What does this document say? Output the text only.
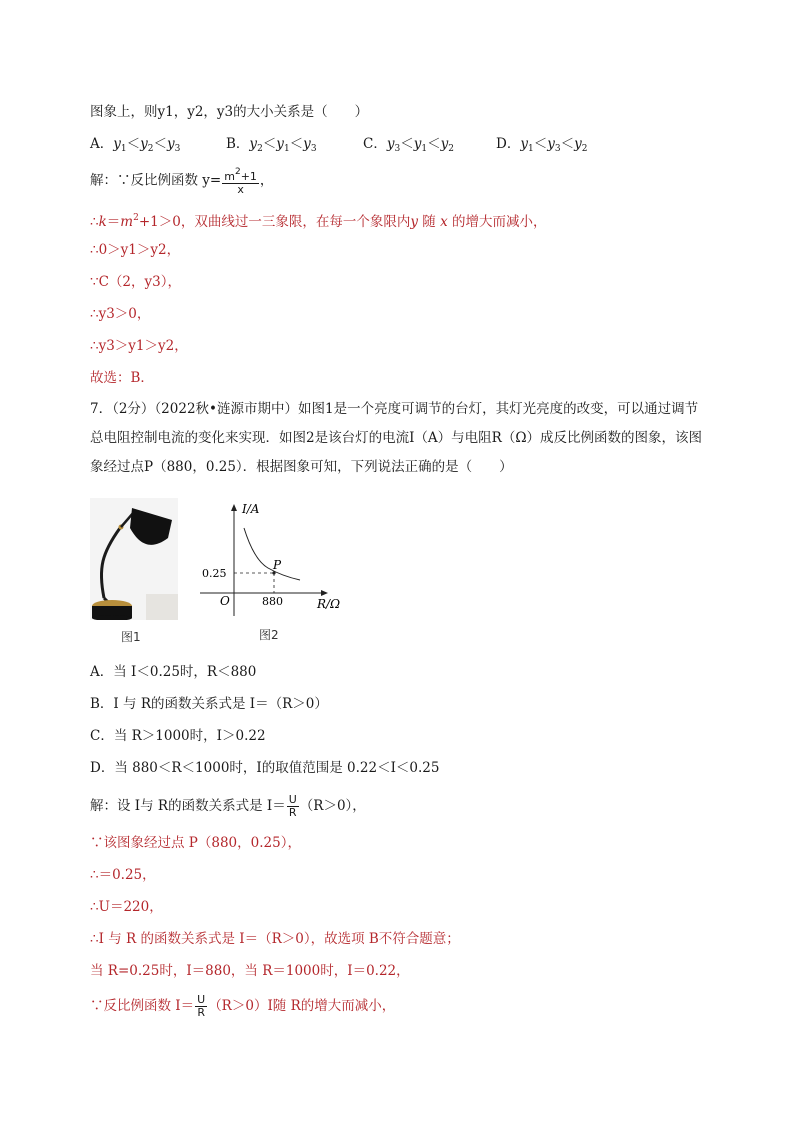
图象上，则y1，y2，y3的大小关系是（　　）
A．$y_1<y_2<y_3$	B．$y_2<y_1<y_3$	C．$y_3<y_1<y_2$	D．$y_1<y_3<y_2$
解：∵反比例函数 $y= \frac{m^2+1}{x}$ ，
$\therefore k=m^2+1>0$，双曲线过一三象限，在每一个象限内y 随 x 的增大而减小，
∴0＞y1＞y2，
∵C（2，y3），
∴y3＞0，
∴y3＞y1＞y2，
故选：B．
7．（2分）（2022秋•涟源市期中）如图1是一个亮度可调节的台灯，其灯光亮度的改变，可以通过调节总电阻控制电流的变化来实现．如图2是该台灯的电流I（A）与电阻R（Ω）成反比例函数的图象，该图象经过点P（880，0.25）．根据图象可知，下列说法正确的是（　　）
图1
I/A
R/Ω
O
P
0.25
880
图2
A．当 I＜0.25时，R＜880
B．I 与 R的函数关系式是 I＝（R＞0）
C．当 R＞1000时，I＞0.22
D．当 880＜R＜1000时，I的取值范围是 0.22＜I＜0.25
解：设 I与 R的函数关系式是 $I= \frac{U}{R} (R>0)$，
∵该图象经过点 P（880，0.25），
∴＝0.25，
∴U＝220，
∴I 与 R 的函数关系式是 I＝（R＞0），故选项 B不符合题意；
当 R=0.25时，I＝880，当 R＝1000时，I＝0.22，
∵反比例函数 $I= \frac{U}{R} (R>0)I$随 R的增大而减小，
